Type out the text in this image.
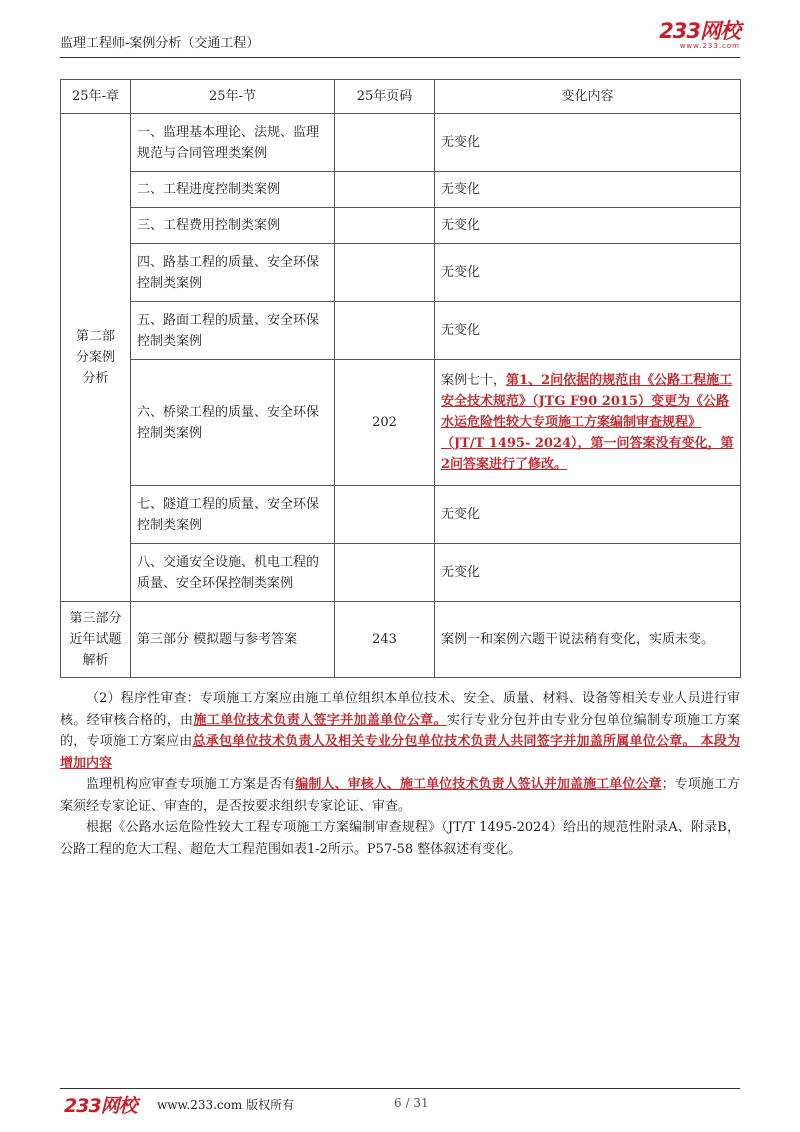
监理工程师-案例分析（交通工程）
233网校
www.233.com
25年-章	25年-节	25年页码	变化内容
第二部分案例分析	一、监理基本理论、法规、监理规范与合同管理类案例		无变化
	二、工程进度控制类案例		无变化
	三、工程费用控制类案例		无变化
	四、路基工程的质量、安全环保控制类案例		无变化
	五、路面工程的质量、安全环保控制类案例		无变化
	六、桥梁工程的质量、安全环保控制类案例	202	案例七十，第1、2问依据的规范由《公路工程施工安全技术规范》（JTG F90 2015）变更为《公路水运危险性较大专项施工方案编制审查规程》（JT/T 1495- 2024），第一问答案没有变化，第2问答案进行了修改。
	七、隧道工程的质量、安全环保控制类案例		无变化
	八、交通安全设施、机电工程的质量、安全环保控制类案例		无变化
第三部分近年试题解析	第三部分 模拟题与参考答案	243	案例一和案例六题干说法稍有变化，实质未变。

（2）程序性审查：专项施工方案应由施工单位组织本单位技术、安全、质量、材料、设备等相关专业人员进行审核。经审核合格的，由施工单位技术负责人签字并加盖单位公章。实行专业分包并由专业分包单位编制专项施工方案的，专项施工方案应由总承包单位技术负责人及相关专业分包单位技术负责人共同签字并加盖所属单位公章。 本段为增加内容

监理机构应审查专项施工方案是否有编制人、审核人、施工单位技术负责人签认并加盖施工单位公章；专项施工方案须经专家论证、审查的，是否按要求组织专家论证、审查。

根据《公路水运危险性较大工程专项施工方案编制审查规程》（JT/T 1495-2024）给出的规范性附录A、附录B，公路工程的危大工程、超危大工程范围如表1-2所示。P57-58 整体叙述有变化。

233网校 www.233.com 版权所有	6 / 31
